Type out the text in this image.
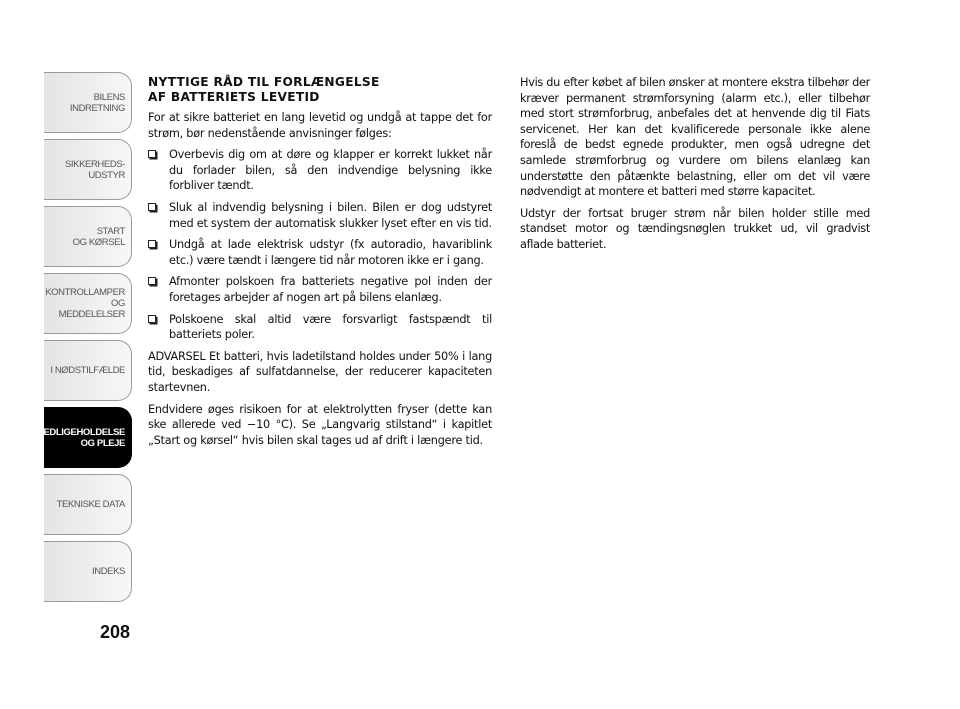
BILENS
INDRETNING
SIKKERHEDS-
UDSTYR
START
OG KØRSEL
KONTROLLAMPER
OG MEDDELELSER
I NØDSTILFÆLDE
VEDLIGEHOLDELSE
OG PLEJE
TEKNISKE DATA
INDEKS
208
NYTTIGE RÅD TIL FORLÆNGELSE
AF BATTERIETS LEVETID

For at sikre batteriet en lang levetid og undgå at tappe det for strøm, bør nedenstående anvisninger følges:

Overbevis dig om at døre og klapper er korrekt lukket når du forlader bilen, så den indvendige belysning ikke forbliver tændt.
Sluk al indvendig belysning i bilen. Bilen er dog udstyret med et system der automatisk slukker lyset efter en vis tid.
Undgå at lade elektrisk udstyr (fx autoradio, havariblink etc.) være tændt i længere tid når motoren ikke er i gang.
Afmonter polskoen fra batteriets negative pol inden der foretages arbejder af nogen art på bilens elanlæg.
Polskoene skal altid være forsvarligt fastspændt til batteriets poler.

ADVARSEL Et batteri, hvis ladetilstand holdes under 50% i lang tid, beskadiges af sulfatdannelse, der reducerer kapaciteten startevnen.

Endvidere øges risikoen for at elektrolytten fryser (dette kan ske allerede ved −10 °C). Se „Langvarig stilstand“ i kapitlet „Start og kørsel“ hvis bilen skal tages ud af drift i længere tid.

Hvis du efter købet af bilen ønsker at montere ekstra tilbehør der kræver permanent strømforsyning (alarm etc.), eller tilbehør med stort strømforbrug, anbefales det at henvende dig til Fiats servicenet. Her kan det kvalificerede personale ikke alene foreslå de bedst egnede produkter, men også udregne det samlede strømforbrug og vurdere om bilens elanlæg kan understøtte den påtænkte belastning, eller om det vil være nødvendigt at montere et batteri med større kapacitet.

Udstyr der fortsat bruger strøm når bilen holder stille med standset motor og tændingsnøglen trukket ud, vil gradvist aflade batteriet.
